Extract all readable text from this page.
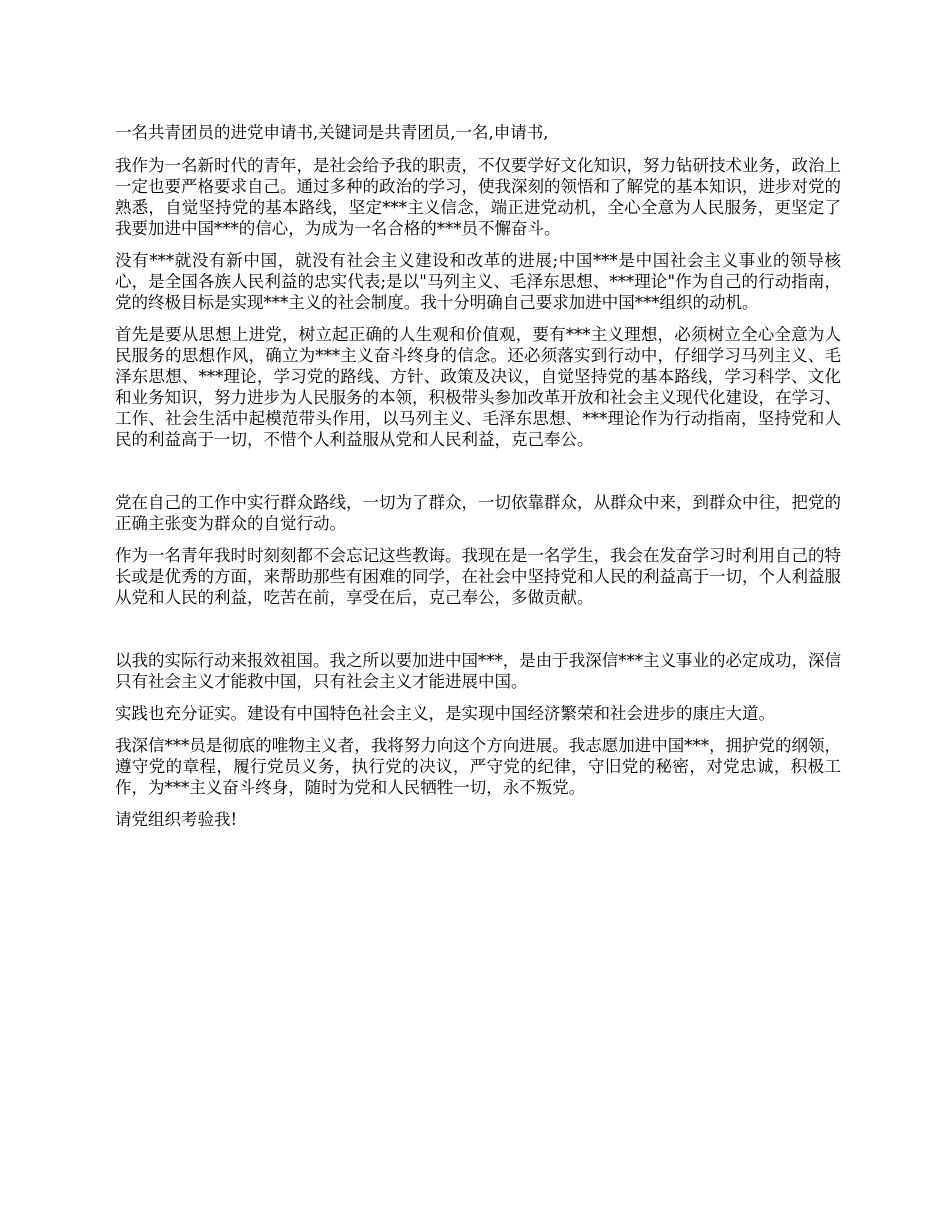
一名共青团员的进党申请书,关键词是共青团员,一名,申请书,

我作为一名新时代的青年，是社会给予我的职责，不仅要学好文化知识，努力钻研技术业务，政治上一定也要严格要求自己。通过多种的政治的学习，使我深刻的领悟和了解党的基本知识，进步对党的熟悉，自觉坚持党的基本路线，坚定***主义信念，端正进党动机，全心全意为人民服务，更坚定了我要加进中国***的信心，为成为一名合格的***员不懈奋斗。

没有***就没有新中国，就没有社会主义建设和改革的进展;中国***是中国社会主义事业的领导核心，是全国各族人民利益的忠实代表;是以"马列主义、毛泽东思想、***理论"作为自己的行动指南，党的终极目标是实现***主义的社会制度。我十分明确自己要求加进中国***组织的动机。

首先是要从思想上进党，树立起正确的人生观和价值观，要有***主义理想，必须树立全心全意为人民服务的思想作风，确立为***主义奋斗终身的信念。还必须落实到行动中，仔细学习马列主义、毛泽东思想、***理论，学习党的路线、方针、政策及决议，自觉坚持党的基本路线，学习科学、文化和业务知识，努力进步为人民服务的本领，积极带头参加改革开放和社会主义现代化建设，在学习、工作、社会生活中起模范带头作用，以马列主义、毛泽东思想、***理论作为行动指南，坚持党和人民的利益高于一切，不惜个人利益服从党和人民利益，克己奉公。

党在自己的工作中实行群众路线，一切为了群众，一切依靠群众，从群众中来，到群众中往，把党的正确主张变为群众的自觉行动。

作为一名青年我时时刻刻都不会忘记这些教诲。我现在是一名学生，我会在发奋学习时利用自己的特长或是优秀的方面，来帮助那些有困难的同学，在社会中坚持党和人民的利益高于一切，个人利益服从党和人民的利益，吃苦在前，享受在后，克己奉公，多做贡献。

以我的实际行动来报效祖国。我之所以要加进中国***，是由于我深信***主义事业的必定成功，深信只有社会主义才能救中国，只有社会主义才能进展中国。

实践也充分证实。建设有中国特色社会主义，是实现中国经济繁荣和社会进步的康庄大道。

我深信***员是彻底的唯物主义者，我将努力向这个方向进展。我志愿加进中国***，拥护党的纲领，遵守党的章程，履行党员义务，执行党的决议，严守党的纪律，守旧党的秘密，对党忠诚，积极工作，为***主义奋斗终身，随时为党和人民牺牲一切，永不叛党。

请党组织考验我!
